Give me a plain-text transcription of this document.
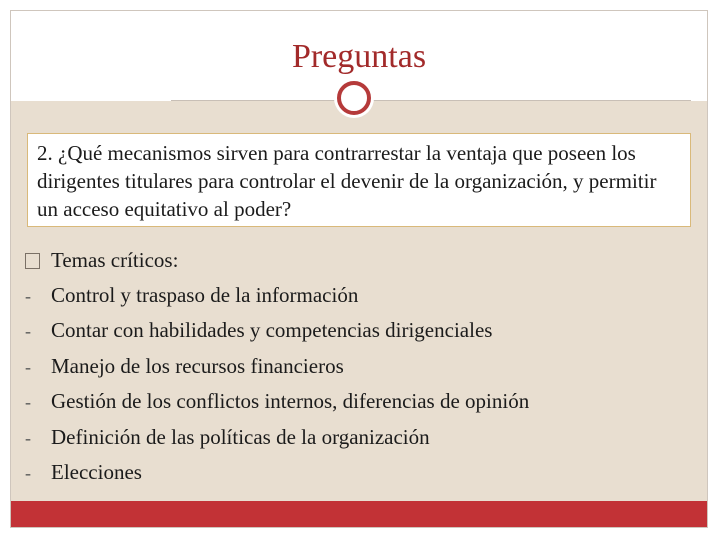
Preguntas
2. ¿Qué mecanismos sirven para contrarrestar la ventaja que poseen los dirigentes titulares para controlar el devenir de la organización, y permitir un acceso equitativo al poder?
Temas críticos:
- Control y traspaso de la información
- Contar con habilidades y competencias dirigenciales
- Manejo de los recursos financieros
- Gestión de los conflictos internos, diferencias de opinión
- Definición de las políticas de la organización
- Elecciones
